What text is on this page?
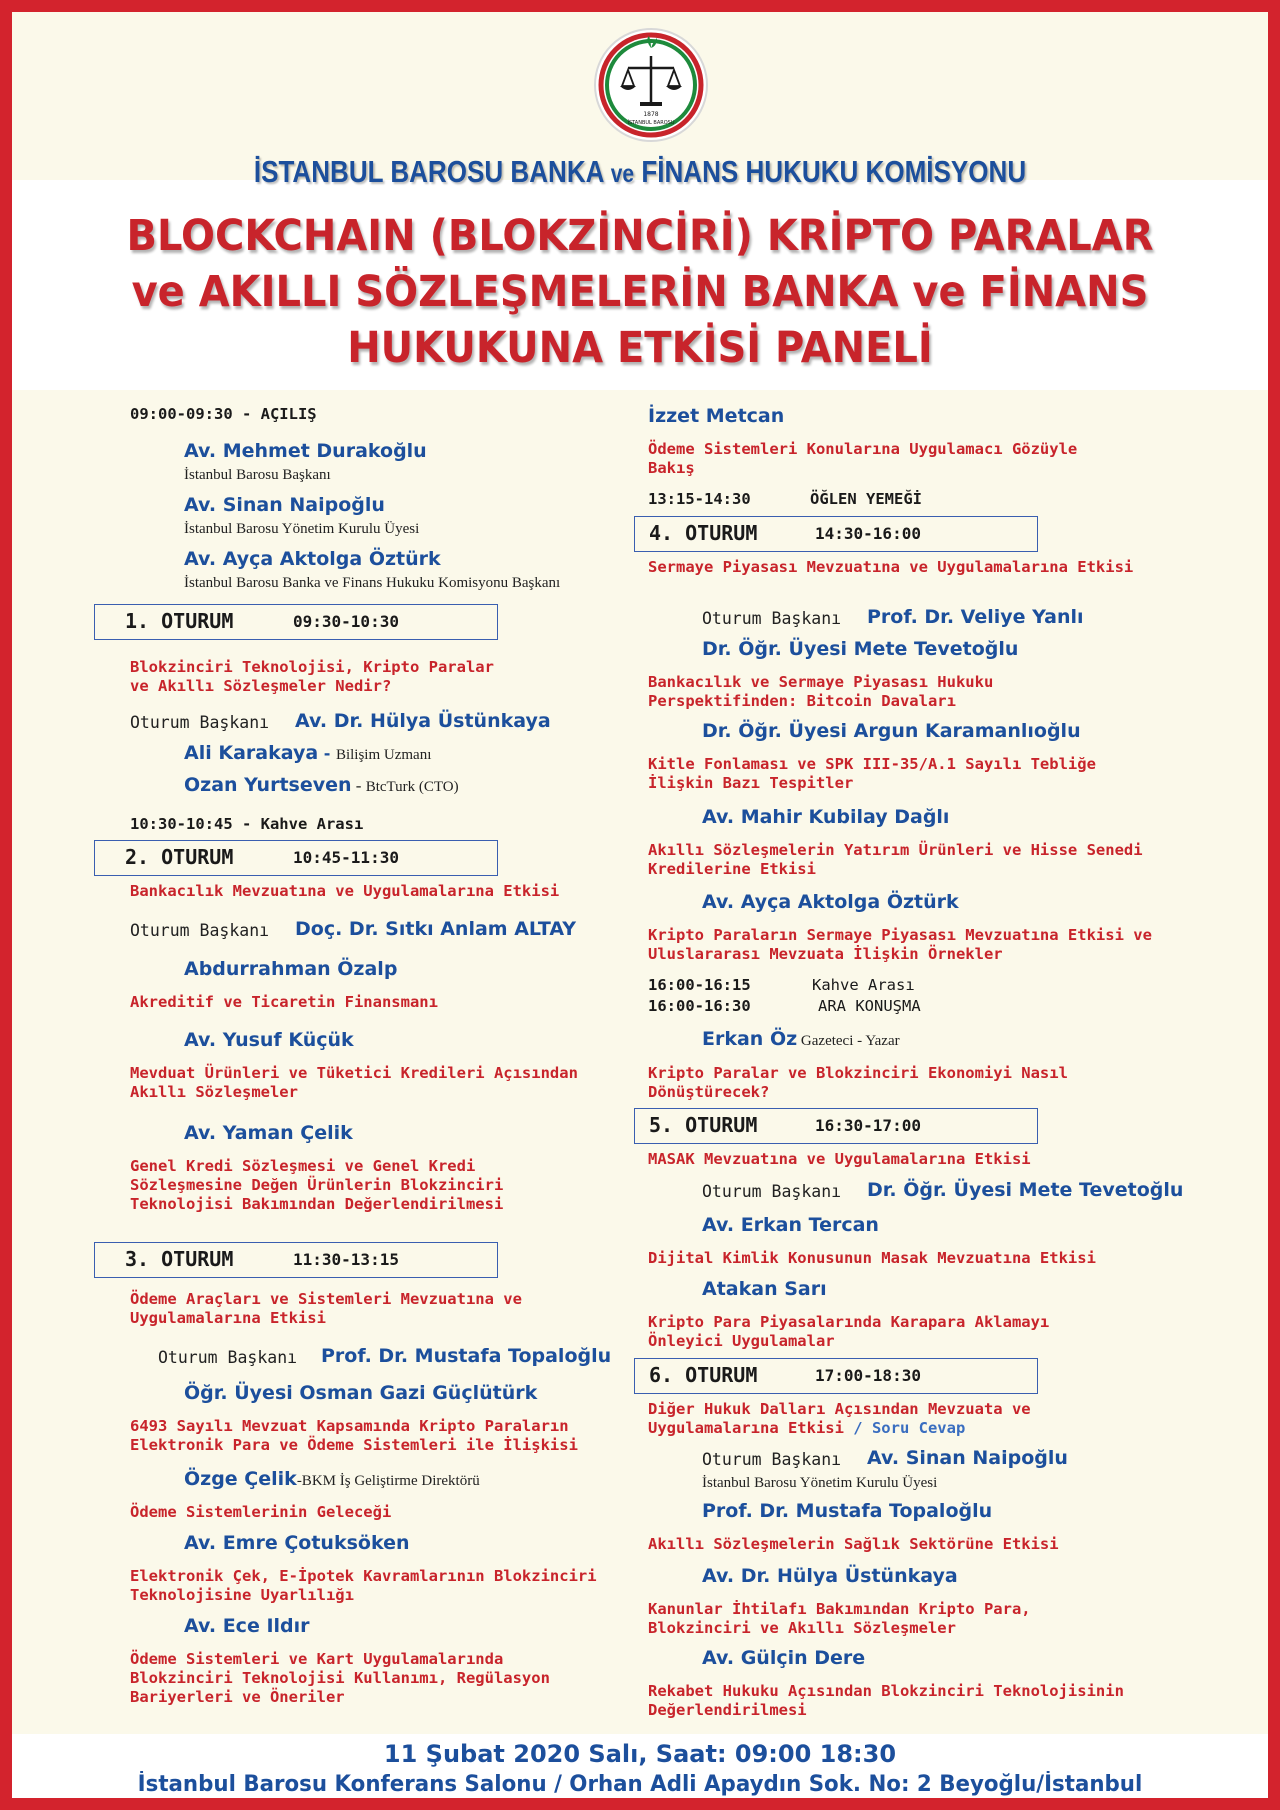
1878
İSTANBUL BAROSU
İSTANBUL BAROSU BANKA ve FİNANS HUKUKU KOMİSYONU
BLOCKCHAIN (BLOKZİNCİRİ) KRİPTO PARALAR
ve AKILLI SÖZLEŞMELERİN BANKA ve FİNANS
HUKUKUNA ETKİSİ PANELİ
09:00-09:30 - AÇILIŞ
Av. Mehmet Durakoğlu
İstanbul Barosu Başkanı
Av. Sinan Naipoğlu
İstanbul Barosu Yönetim Kurulu Üyesi
Av. Ayça Aktolga Öztürk
İstanbul Barosu Banka ve Finans Hukuku Komisyonu Başkanı
1. OTURUM	09:30-10:30
Blokzinciri Teknolojisi, Kripto Paralar ve Akıllı Sözleşmeler Nedir?
Oturum Başkanı Av. Dr. Hülya Üstünkaya
Ali Karakaya - Bilişim Uzmanı
Ozan Yurtseven - BtcTurk (CTO)
10:30-10:45 - Kahve Arası
2. OTURUM	10:45-11:30
Bankacılık Mevzuatına ve Uygulamalarına Etkisi
Oturum Başkanı Doç. Dr. Sıtkı Anlam ALTAY
Abdurrahman Özalp
Akreditif ve Ticaretin Finansmanı
Av. Yusuf Küçük
Mevduat Ürünleri ve Tüketici Kredileri Açısından Akıllı Sözleşmeler
Av. Yaman Çelik
Genel Kredi Sözleşmesi ve Genel Kredi Sözleşmesine Değen Ürünlerin Blokzinciri Teknolojisi Bakımından Değerlendirilmesi
3. OTURUM	11:30-13:15
Ödeme Araçları ve Sistemleri Mevzuatına ve Uygulamalarına Etkisi
Oturum Başkanı Prof. Dr. Mustafa Topaloğlu
Öğr. Üyesi Osman Gazi Güçlütürk
6493 Sayılı Mevzuat Kapsamında Kripto Paraların Elektronik Para ve Ödeme Sistemleri ile İlişkisi
Özge Çelik-BKM İş Geliştirme Direktörü
Ödeme Sistemlerinin Geleceği
Av. Emre Çotuksöken
Elektronik Çek, E-İpotek Kavramlarının Blokzinciri Teknolojisine Uyarlılığı
Av. Ece Ildır
Ödeme Sistemleri ve Kart Uygulamalarında Blokzinciri Teknolojisi Kullanımı, Regülasyon Bariyerleri ve Öneriler
İzzet Metcan
Ödeme Sistemleri Konularına Uygulamacı Gözüyle Bakış
13:15-14:30	ÖĞLEN YEMEĞİ
4. OTURUM	14:30-16:00
Sermaye Piyasası Mevzuatına ve Uygulamalarına Etkisi
Oturum Başkanı Prof. Dr. Veliye Yanlı
Dr. Öğr. Üyesi Mete Tevetoğlu
Bankacılık ve Sermaye Piyasası Hukuku Perspektifinden: Bitcoin Davaları
Dr. Öğr. Üyesi Argun Karamanlıoğlu
Kitle Fonlaması ve SPK III-35/A.1 Sayılı Tebliğe İlişkin Bazı Tespitler
Av. Mahir Kubilay Dağlı
Akıllı Sözleşmelerin Yatırım Ürünleri ve Hisse Senedi Kredilerine Etkisi
Av. Ayça Aktolga Öztürk
Kripto Paraların Sermaye Piyasası Mevzuatına Etkisi ve Uluslararası Mevzuata İlişkin Örnekler
16:00-16:15	Kahve Arası
16:00-16:30	ARA KONUŞMA
Erkan Öz Gazeteci - Yazar
Kripto Paralar ve Blokzinciri Ekonomiyi Nasıl Dönüştürecek?
5. OTURUM	16:30-17:00
MASAK Mevzuatına ve Uygulamalarına Etkisi
Oturum Başkanı Dr. Öğr. Üyesi Mete Tevetoğlu
Av. Erkan Tercan
Dijital Kimlik Konusunun Masak Mevzuatına Etkisi
Atakan Sarı
Kripto Para Piyasalarında Karapara Aklamayı Önleyici Uygulamalar
6. OTURUM	17:00-18:30
Diğer Hukuk Dalları Açısından Mevzuata ve Uygulamalarına Etkisi / Soru Cevap
Oturum Başkanı Av. Sinan Naipoğlu
İstanbul Barosu Yönetim Kurulu Üyesi
Prof. Dr. Mustafa Topaloğlu
Akıllı Sözleşmelerin Sağlık Sektörüne Etkisi
Av. Dr. Hülya Üstünkaya
Kanunlar İhtilafı Bakımından Kripto Para, Blokzinciri ve Akıllı Sözleşmeler
Av. Gülçin Dere
Rekabet Hukuku Açısından Blokzinciri Teknolojisinin Değerlendirilmesi
11 Şubat 2020 Salı, Saat: 09:00 18:30
İstanbul Barosu Konferans Salonu / Orhan Adli Apaydın Sok. No: 2 Beyoğlu/İstanbul
